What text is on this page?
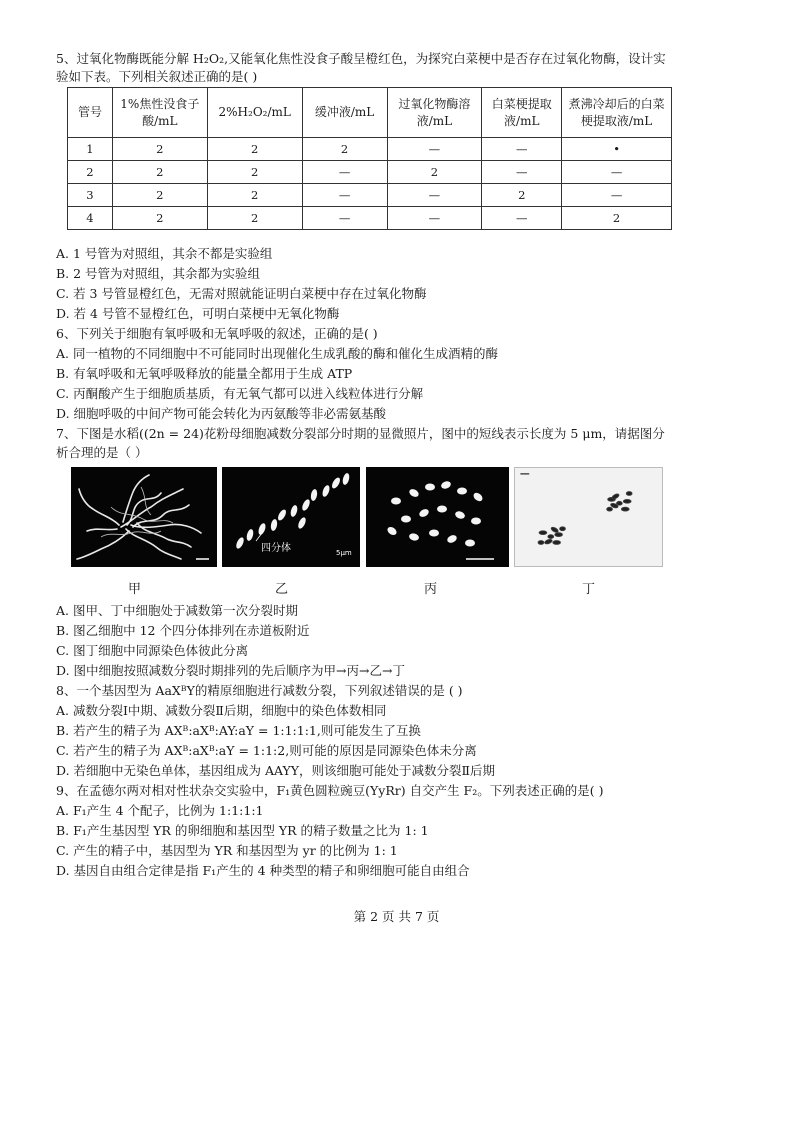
5、过氧化物酶既能分解 H₂O₂,又能氧化焦性没食子酸呈橙红色，为探究白菜梗中是否存在过氧化物酶，设计实
验如下表。下列相关叙述正确的是( )
管号	1%焦性没食子酸/mL	2%H₂O₂/mL	缓冲液/mL	过氧化物酶溶液/mL	白菜梗提取液/mL	煮沸冷却后的白菜梗提取液/mL
1	2	2	2	—	—	•
2	2	2	—	2	—	—
3	2	2	—	—	2	—
4	2	2	—	—	—	2
A. 1 号管为对照组，其余不都是实验组
B. 2 号管为对照组，其余都为实验组
C. 若 3 号管显橙红色，无需对照就能证明白菜梗中存在过氧化物酶
D. 若 4 号管不显橙红色，可明白菜梗中无氧化物酶
6、下列关于细胞有氧呼吸和无氧呼吸的叙述，正确的是( )
A. 同一植物的不同细胞中不可能同时出现催化生成乳酸的酶和催化生成酒精的酶
B. 有氧呼吸和无氧呼吸释放的能量全都用于生成 ATP
C. 丙酮酸产生于细胞质基质，有无氧气都可以进入线粒体进行分解
D. 细胞呼吸的中间产物可能会转化为丙氨酸等非必需氨基酸
7、下图是水稻((2n = 24)花粉母细胞减数分裂部分时期的显微照片，图中的短线表示长度为 5 μm，请据图分
析合理的是（ ）
四分体	5μm
甲	乙	丙	丁
A. 图甲、丁中细胞处于减数第一次分裂时期
B. 图乙细胞中 12 个四分体排列在赤道板附近
C. 图丁细胞中同源染色体彼此分离
D. 图中细胞按照减数分裂时期排列的先后顺序为甲→丙→乙→丁
8、一个基因型为 AaXᴮY的精原细胞进行减数分裂，下列叙述错误的是 ( )
A. 减数分裂Ⅰ中期、减数分裂Ⅱ后期，细胞中的染色体数相同
B. 若产生的精子为 AXᴮ:aXᴮ:AY:aY = 1:1:1:1,则可能发生了互换
C. 若产生的精子为 AXᴮ:aXᴮ:aY = 1:1:2,则可能的原因是同源染色体未分离
D. 若细胞中无染色单体，基因组成为 AAYY，则该细胞可能处于减数分裂Ⅱ后期
9、在孟德尔两对相对性状杂交实验中，F₁黄色圆粒豌豆(YyRr) 自交产生 F₂。下列表述正确的是( )
A. F₁产生 4 个配子，比例为 1:1:1:1
B. F₁产生基因型 YR 的卵细胞和基因型 YR 的精子数量之比为 1: 1
C. 产生的精子中，基因型为 YR 和基因型为 yr 的比例为 1: 1
D. 基因自由组合定律是指 F₁产生的 4 种类型的精子和卵细胞可能自由组合
第 2 页 共 7 页
